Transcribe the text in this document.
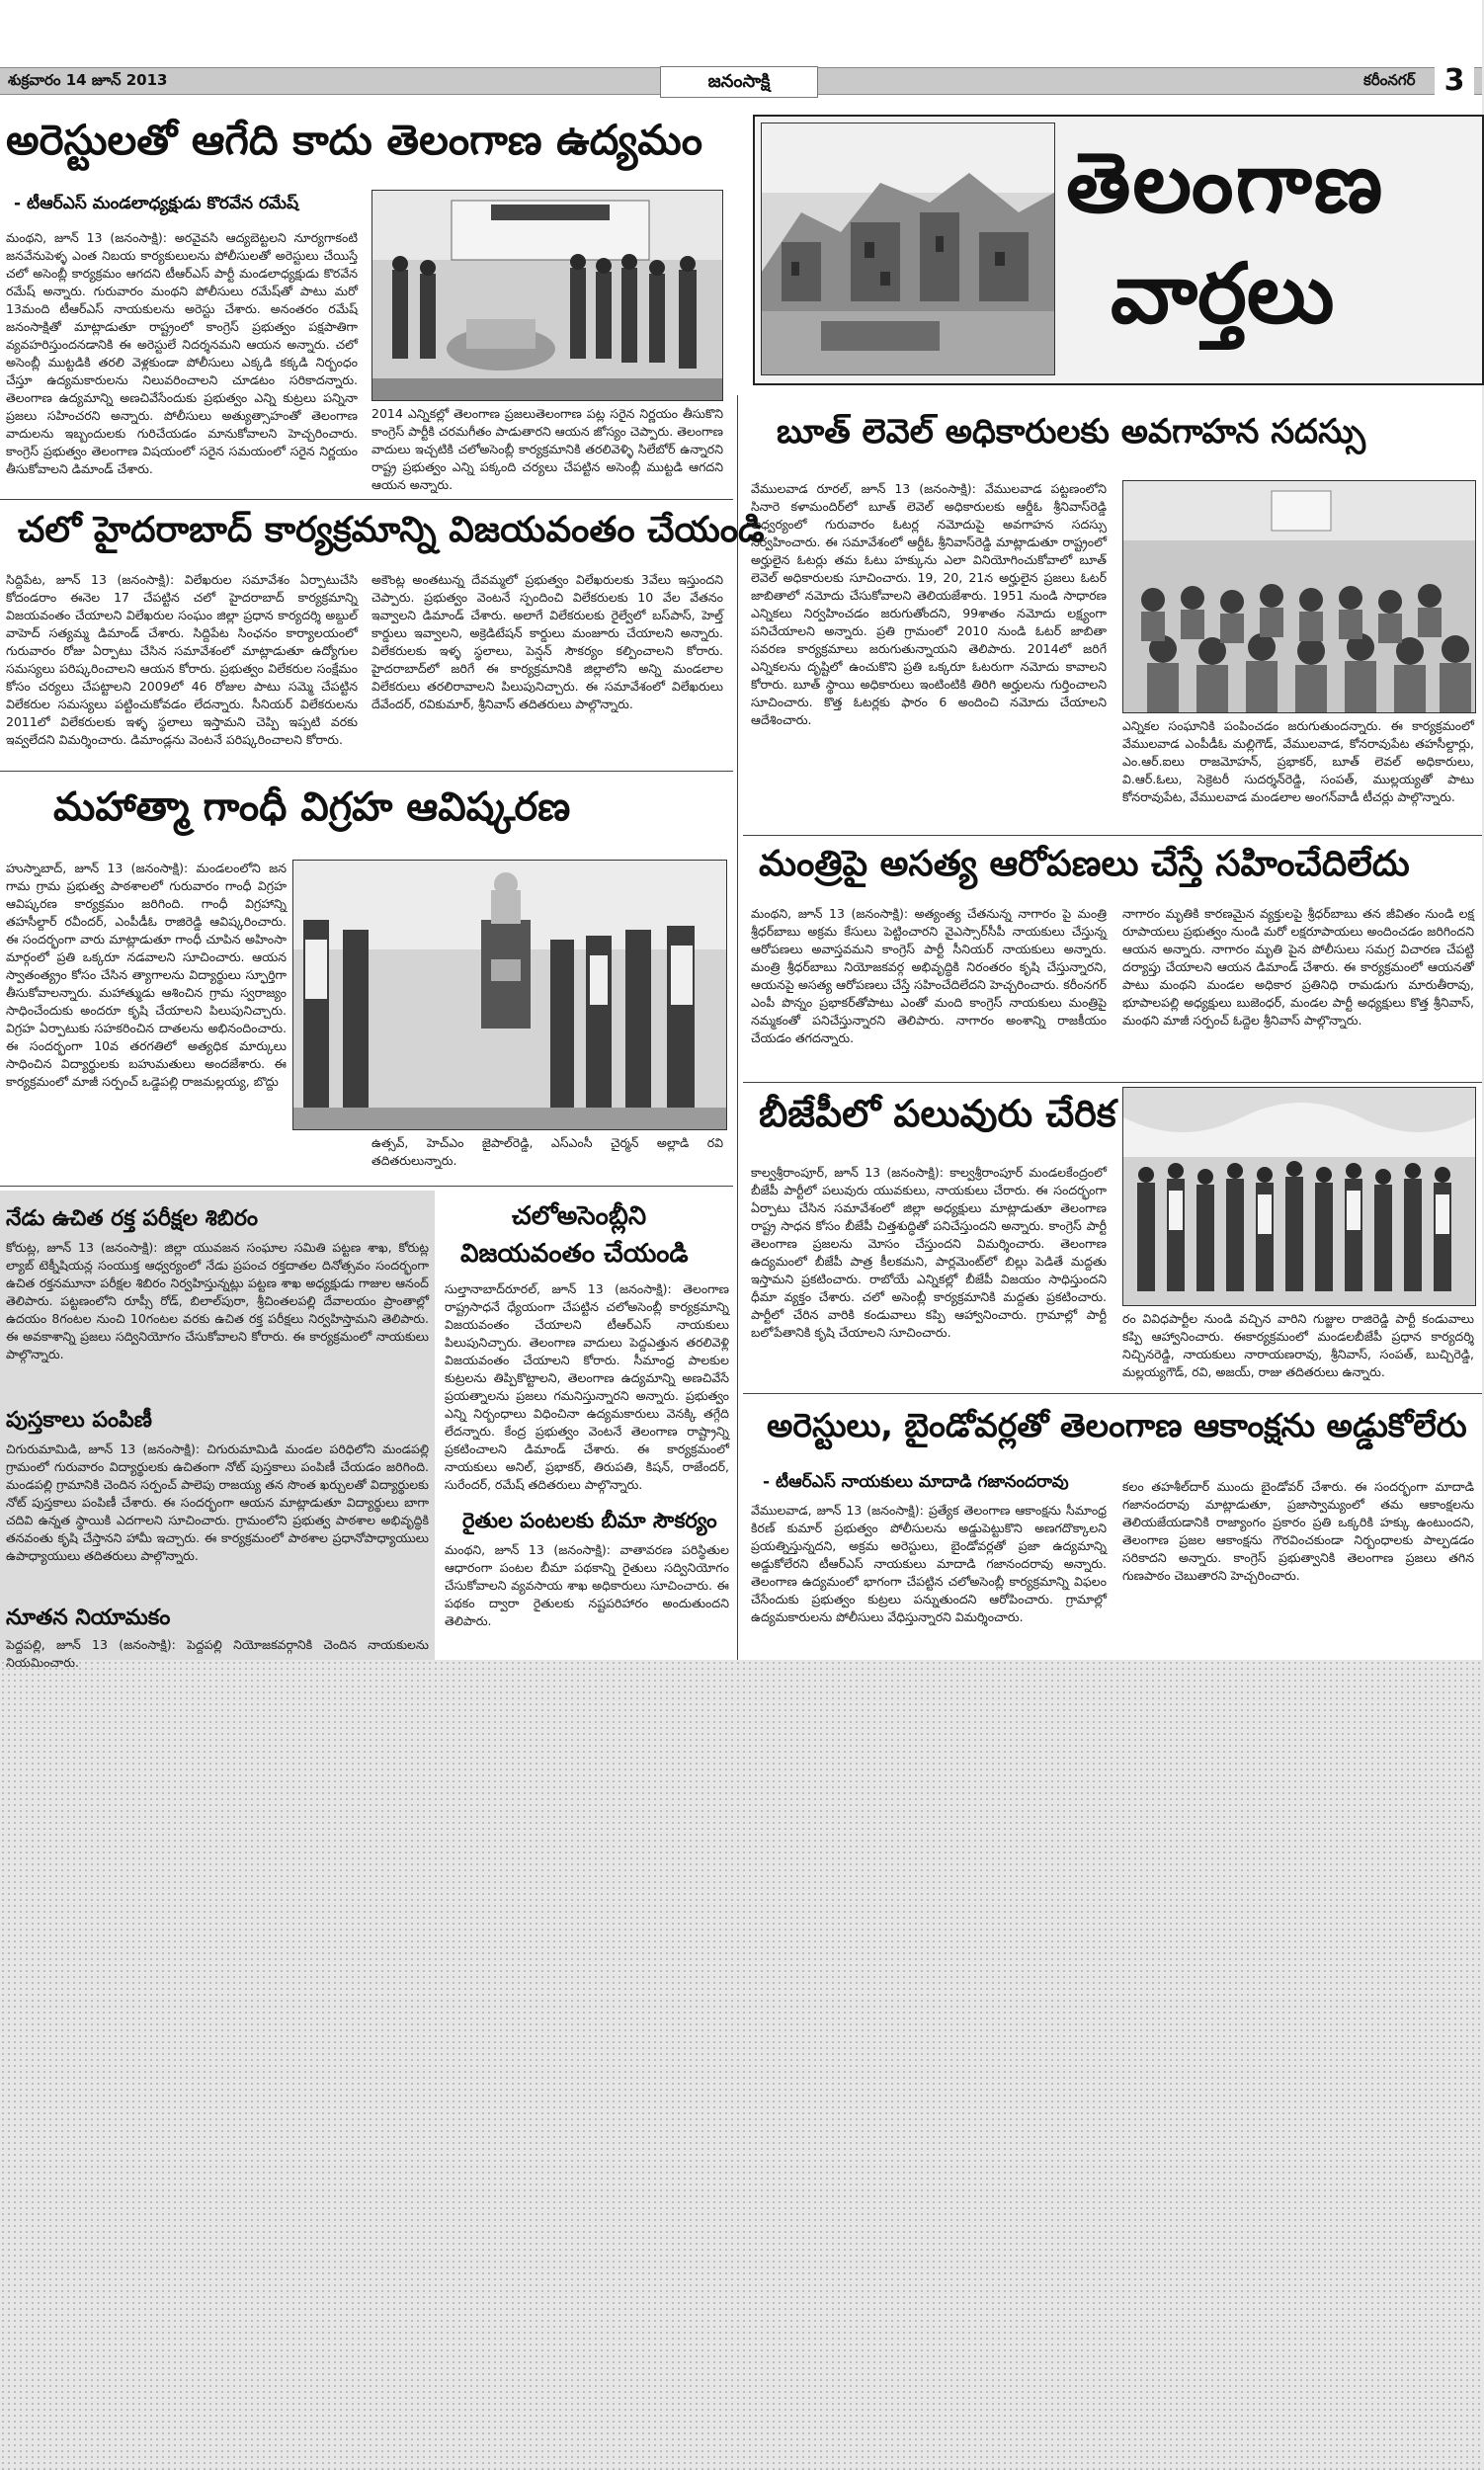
శుక్రవారం 14 జూన్ 2013	జనంసాక్షి	కరీంనగర్ 3
అరెస్టులతో ఆగేది కాదు తెలంగాణ ఉద్యమం
- టీఆర్‌ఎస్‌ మండలాధ్యక్షుడు కొరవేన రమేష్‌
మంథని, జూన్‌ 13 (జనంసాక్షి): అరవైవసి ఆద్యబెట్టలని నూర్యగాకంటి జనవేనుపెళ్ళ ఎంత నిబయ కార్యకులులను పోలీసులతో అరెస్టులు చేయిస్తే చలో అసెంబ్లీ కార్యక్రమం ఆగదని టీఆర్‌ఎస్‌ పార్టీ మండలాధ్యక్షుడు కొరవేన రమేష్‌ అన్నారు. గురువారం మంథని పోలీసులు రమేష్‌తో పాటు మరో 13మంది టీఆర్‌ఎస్‌ నాయకులను అరెస్టు చేశారు. అనంతరం రమేష్‌ జనంసాక్షితో మాట్లాడుతూ రాష్ట్రంలో కాంగ్రెస్‌ ప్రభుత్వం పక్షపాతిగా వ్యవహరిస్తుందనడానికి ఈ అరెస్టులే నిదర్శనమని ఆయన అన్నారు. చలో అసెంబ్లీ ముట్టడికి తరలి వెళ్లకుండా పోలీసులు ఎక్కడి కక్కడి నిర్బంధం చేస్తూ ఉద్యమకారులను నిలువరించాలని చూడటం సరికాదన్నారు. తెలంగాణ ఉద్యమాన్ని అణచివేసేందుకు ప్రభుత్వం ఎన్ని కుట్రలు పన్నినా ప్రజలు సహించరని అన్నారు. పోలీసులు అత్యుత్సాహంతో తెలంగాణ వాదులను ఇబ్బందులకు గురిచేయడం మానుకోవాలని హెచ్చరించారు. కాంగ్రెస్‌ ప్రభుత్వం తెలంగాణ విషయంలో సరైన సమయంలో సరైన నిర్ణయం తీసుకోవాలని డిమాండ్‌ చేశారు.
2014 ఎన్నికల్లో తెలంగాణ ప్రజలుతెలంగాణ పట్ల సరైన నిర్ణయం తీసుకొని కాంగ్రెస్‌ పార్టీకి చరమగీతం పాడుతారని ఆయన జోస్యం చెప్పారు. తెలంగాణ వాదులు ఇచ్చటికి చలోఅసెంబ్లీ కార్యక్రమానికి తరలివెళ్ళి సిలేబోర్ ఉన్నారని రాష్ట్ర ప్రభుత్వం ఎన్ని పక్కంది చర్యలు చేపట్టిన అసెంబ్లీ ముట్టడి ఆగదని ఆయన అన్నారు.
చలో హైదరాబాద్‌ కార్యక్రమాన్ని విజయవంతం చేయండి
సిద్దిపేట, జూన్‌ 13 (జనంసాక్షి): విలేఖరుల సమావేశం ఏర్పాటుచేసి కోదండరాం ఈనెల 17 చేపట్టిన చలో హైదరాబాద్‌ కార్యక్రమాన్ని విజయవంతం చేయాలని విలేఖరుల సంఘం జిల్లా ప్రధాన కార్యదర్శి అబ్దుల్‌ వాహెద్‌ సత్యమ్మ డిమాండ్‌ చేశారు. సిద్దిపేట సింఛనం కార్యాలయంలో గురువారం రోజు ఏర్పాటు చేసిన సమావేశంలో మాట్లాడుతూ ఉద్యోగుల సమస్యలు పరిష్కరించాలని ఆయన కోరారు. ప్రభుత్వం విలేకరుల సంక్షేమం కోసం చర్యలు చేపట్టాలని 2009లో 46 రోజుల పాటు సమ్మె చేపట్టిన విలేకరుల సమస్యలు పట్టించుకోవడం లేదన్నారు. సీనియర్‌ విలేకరులను 2011లో విలేకరులకు ఇళ్ళ స్థలాలు ఇస్తామని చెప్పి ఇప్పటి వరకు ఇవ్వలేదని విమర్శించారు. డిమాండ్లను వెంటనే పరిష్కరించాలని కోరారు.
అకౌంట్ల అంతటున్న దేవమ్మలో ప్రభుత్వం విలేఖరులకు 3వేలు ఇస్తుందని చెప్పారు. ప్రభుత్వం వెంటనే స్పందించి విలేకరులకు 10 వేల వేతనం ఇవ్వాలని డిమాండ్‌ చేశారు. అలాగే విలేకరులకు రైల్వేలో బస్‌పాస్‌, హెల్త్‌ కార్డులు ఇవ్వాలని, అక్రెడిటేషన్‌ కార్డులు మంజూరు చేయాలని అన్నారు. విలేకరులకు ఇళ్ళ స్థలాలు, పెన్షన్‌ సౌకర్యం కల్పించాలని కోరారు. హైదరాబాద్‌లో జరిగే ఈ కార్యక్రమానికి జిల్లాలోని అన్ని మండలాల విలేకరులు తరలిరావాలని పిలుపునిచ్చారు. ఈ సమావేశంలో విలేఖరులు దేవేందర్‌, రవికుమార్‌, శ్రీనివాస్‌ తదితరులు పాల్గొన్నారు.
మహాత్మా గాంధీ విగ్రహ ఆవిష్కరణ
హుస్నాబాద్‌, జూన్‌ 13 (జనంసాక్షి): మండలంలోని జన గామ గ్రామ ప్రభుత్వ పాఠశాలలో గురువారం గాంధీ విగ్రహ ఆవిష్కరణ కార్యక్రమం జరిగింది. గాంధీ విగ్రహాన్ని తహసీల్దార్‌ రవీందర్‌, ఎంపీడీఓ రాజిరెడ్డి ఆవిష్కరించారు. ఈ సందర్భంగా వారు మాట్లాడుతూ గాంధీ చూపిన అహింసా మార్గంలో ప్రతి ఒక్కరూ నడవాలని సూచించారు. ఆయన స్వాతంత్య్రం కోసం చేసిన త్యాగాలను విద్యార్థులు స్ఫూర్తిగా తీసుకోవాలన్నారు. మహాత్ముడు ఆశించిన గ్రామ స్వరాజ్యం సాధించేందుకు అందరూ కృషి చేయాలని పిలుపునిచ్చారు. విగ్రహ ఏర్పాటుకు సహకరించిన దాతలను అభినందించారు. ఈ సందర్భంగా 10వ తరగతిలో అత్యధిక మార్కులు సాధించిన విద్యార్థులకు బహుమతులు అందజేశారు. ఈ కార్యక్రమంలో మాజీ సర్పంచ్‌ ఒడ్డెపల్లి రాజమల్లయ్య, బొద్దు
ఉత్సవ్‌, హెచ్‌ఎం జైపాల్‌రెడ్డి, ఎస్‌ఎంసీ చైర్మన్‌ అల్లాడి రవి తదితరులున్నారు.
నేడు ఉచిత రక్త పరీక్షల శిబిరం
కోరుట్ల, జూన్‌ 13 (జనంసాక్షి): జిల్లా యువజన సంఘాల సమితి పట్టణ శాఖ, కోరుట్ల ల్యాబ్‌ టెక్నీషియన్ల సంయుక్త ఆధ్వర్యంలో నేడు ప్రపంచ రక్తదాతల దినోత్సవం సందర్భంగా ఉచిత రక్తనమూనా పరీక్షల శిబిరం నిర్వహిస్తున్నట్లు పట్టణ శాఖ అధ్యక్షుడు గాజుల ఆనంద్‌ తెలిపారు. పట్టణంలోని రూప్సీ రోడ్‌, బిలాల్‌పురా, శ్రీచింతలపల్లి దేవాలయం ప్రాంతాల్లో ఉదయం 8గంటల నుంచి 10గంటల వరకు ఉచిత రక్త పరీక్షలు నిర్వహిస్తామని తెలిపారు. ఈ అవకాశాన్ని ప్రజలు సద్వినియోగం చేసుకోవాలని కోరారు. ఈ కార్యక్రమంలో నాయకులు పాల్గొన్నారు.
పుస్తకాలు పంపిణీ
చిగురుమామిడి, జూన్‌ 13 (జనంసాక్షి): చిగురుమామిడి మండల పరిధిలోని మండపల్లి గ్రామంలో గురువారం విద్యార్థులకు ఉచితంగా నోట్‌ పుస్తకాలు పంపిణీ చేయడం జరిగింది. మండపల్లి గ్రామానికి చెందిన సర్పంచ్‌ పాలెపు రాజయ్య తన సొంత ఖర్చులతో విద్యార్థులకు నోట్‌ పుస్తకాలు పంపిణీ చేశారు. ఈ సందర్భంగా ఆయన మాట్లాడుతూ విద్యార్థులు బాగా చదివి ఉన్నత స్థాయికి ఎదగాలని సూచించారు. గ్రామంలోని ప్రభుత్వ పాఠశాల అభివృద్ధికి తనవంతు కృషి చేస్తానని హామీ ఇచ్చారు. ఈ కార్యక్రమంలో పాఠశాల ప్రధానోపాధ్యాయులు ఉపాధ్యాయులు తదితరులు పాల్గొన్నారు.
నూతన నియామకం
పెద్దపల్లి, జూన్‌ 13 (జనంసాక్షి): పెద్దపల్లి నియోజకవర్గానికి చెందిన నాయకులను నియమించారు.
చలోఅసెంబ్లీని
విజయవంతం చేయండి
సుల్తానాబాద్‌రూరల్‌, జూన్‌ 13 (జనంసాక్షి): తెలంగాణ రాష్ట్రసాధనే ధ్యేయంగా చేపట్టిన చలోఅసెంబ్లీ కార్యక్రమాన్ని విజయవంతం చేయాలని టీఆర్‌ఎస్‌ నాయకులు పిలుపునిచ్చారు. తెలంగాణ వాదులు పెద్దఎత్తున తరలివెళ్లి విజయవంతం చేయాలని కోరారు. సీమాంధ్ర పాలకుల కుట్రలను తిప్పికొట్టాలని, తెలంగాణ ఉద్యమాన్ని అణచివేసే ప్రయత్నాలను ప్రజలు గమనిస్తున్నారని అన్నారు. ప్రభుత్వం ఎన్ని నిర్బంధాలు విధించినా ఉద్యమకారులు వెనక్కి తగ్గేది లేదన్నారు. కేంద్ర ప్రభుత్వం వెంటనే తెలంగాణ రాష్ట్రాన్ని ప్రకటించాలని డిమాండ్‌ చేశారు. ఈ కార్యక్రమంలో నాయకులు అనిల్‌, ప్రభాకర్‌, తిరుపతి, కిషన్‌, రాజేందర్‌, సురేందర్‌, రమేష్‌ తదితరులు పాల్గొన్నారు.
రైతుల పంటలకు బీమా సౌకర్యం
మంథని, జూన్‌ 13 (జనంసాక్షి): వాతావరణ పరిస్థితుల ఆధారంగా పంటల బీమా పథకాన్ని రైతులు సద్వినియోగం చేసుకోవాలని వ్యవసాయ శాఖ అధికారులు సూచించారు. ఈ పథకం ద్వారా రైతులకు నష్టపరిహారం అందుతుందని తెలిపారు.
తెలంగాణ
వార్తలు
బూత్‌ లెవెల్‌ అధికారులకు అవగాహన సదస్సు
వేములవాడ రూరల్‌, జూన్‌ 13 (జనంసాక్షి): వేములవాడ పట్టణంలోని సినారె కళామందిర్‌లో బూత్‌ లెవెల్‌ అధికారులకు ఆర్డీఓ శ్రీనివాస్‌రెడ్డి ఆధ్వర్యంలో గురువారం ఓటర్ల నమోదుపై అవగాహన సదస్సు నిర్వహించారు. ఈ సమావేశంలో ఆర్డీఓ శ్రీనివాస్‌రెడ్డి మాట్లాడుతూ రాష్ట్రంలో అర్హులైన ఓటర్లు తమ ఓటు హక్కును ఎలా వినియోగించుకోవాలో బూత్‌ లెవెల్‌ అధికారులకు సూచించారు. 19, 20, 21న అర్హులైన ప్రజలు ఓటర్‌ జాబితాలో నమోదు చేసుకోవాలని తెలియజేశారు. 1951 నుండి సాధారణ ఎన్నికలు నిర్వహించడం జరుగుతోందని, 99శాతం నమోదు లక్ష్యంగా పనిచేయాలని అన్నారు. ప్రతి గ్రామంలో 2010 నుండి ఓటర్‌ జాబితా సవరణ కార్యక్రమాలు జరుగుతున్నాయని తెలిపారు. 2014లో జరిగే ఎన్నికలను దృష్టిలో ఉంచుకొని ప్రతి ఒక్కరూ ఓటరుగా నమోదు కావాలని కోరారు. బూత్‌ స్థాయి అధికారులు ఇంటింటికి తిరిగి అర్హులను గుర్తించాలని సూచించారు. కొత్త ఓటర్లకు ఫారం 6 అందించి నమోదు చేయాలని ఆదేశించారు.	ఎన్నికల సంఘానికి పంపించడం జరుగుతుందన్నారు. ఈ కార్యక్రమంలో వేములవాడ ఎంపీడీఓ మల్లిగౌడ్‌, వేములవాడ, కోనరావుపేట తహసీల్దార్లు, ఎం.ఆర్‌.ఐలు రాజమోహన్‌, ప్రభాకర్‌, బూత్‌ లెవల్‌ అధికారులు, వి.ఆర్‌.ఓలు, సెక్రెటరీ సుదర్శన్‌రెడ్డి, సంపత్‌, ముల్లయ్యతో పాటు కోనరావుపేట, వేములవాడ మండలాల అంగన్‌వాడీ టీచర్లు పాల్గొన్నారు.
మంత్రిపై అసత్య ఆరోపణలు చేస్తే సహించేదిలేదు
మంథని, జూన్‌ 13 (జనంసాక్షి): అత్యంత్య చేతనున్న నాగారం పై మంత్రి శ్రీధర్‌బాబు అక్రమ కేసులు పెట్టించారని వైఎస్సార్‌సీపీ నాయకులు చేస్తున్న ఆరోపణలు అవాస్తవమని కాంగ్రెస్‌ పార్టీ సీనియర్‌ నాయకులు అన్నారు. మంత్రి శ్రీధర్‌బాబు నియోజకవర్గ అభివృద్ధికి నిరంతరం కృషి చేస్తున్నారని, ఆయనపై అసత్య ఆరోపణలు చేస్తే సహించేదిలేదని హెచ్చరించారు. కరీంనగర్‌ ఎంపీ పొన్నం ప్రభాకర్‌తోపాటు ఎంతో మంది కాంగ్రెస్‌ నాయకులు మంత్రిపై నమ్మకంతో పనిచేస్తున్నారని తెలిపారు. నాగారం అంశాన్ని రాజకీయం చేయడం తగదన్నారు.
నాగారం మృతికి కారణమైన వ్యక్తులపై శ్రీధర్‌బాబు తన జీవితం నుండి లక్ష రూపాయలు ప్రభుత్వం నుండి మరో లక్షరూపాయలు అందించడం జరిగిందని ఆయన అన్నారు. నాగారం మృతి పైన పోలీసులు సమగ్ర విచారణ చేపట్టి దర్యాప్తు చేయాలని ఆయన డిమాండ్‌ చేశారు. ఈ కార్యక్రమంలో ఆయనతో పాటు మంథని మండల అధికార ప్రతినిధి రామడుగు మారుతీరావు, భూపాలపల్లి అధ్యక్షులు బుజెంధర్‌, మండల పార్టీ అధ్యక్షులు కొత్త శ్రీనివాస్‌, మంథని మాజీ సర్పంచ్‌ ఓద్దెల శ్రీనివాస్‌ పాల్గొన్నారు.
బీజేపీలో పలువురు చేరిక
కాల్వశ్రీరాంపూర్‌, జూన్‌ 13 (జనంసాక్షి): కాల్వశ్రీరాంపూర్‌ మండలకేంద్రంలో బీజేపీ పార్టీలో పలువురు యువకులు, నాయకులు చేరారు. ఈ సందర్భంగా ఏర్పాటు చేసిన సమావేశంలో జిల్లా అధ్యక్షులు మాట్లాడుతూ తెలంగాణ రాష్ట్ర సాధన కోసం బీజేపీ చిత్తశుద్ధితో పనిచేస్తుందని అన్నారు. కాంగ్రెస్‌ పార్టీ తెలంగాణ ప్రజలను మోసం చేస్తుందని విమర్శించారు. తెలంగాణ ఉద్యమంలో బీజేపీ పాత్ర కీలకమని, పార్లమెంట్‌లో బిల్లు పెడితే మద్దతు ఇస్తామని ప్రకటించారు. రాబోయే ఎన్నికల్లో బీజేపీ విజయం సాధిస్తుందని ధీమా వ్యక్తం చేశారు. చలో అసెంబ్లీ కార్యక్రమానికి మద్దతు ప్రకటించారు. పార్టీలో చేరిన వారికి కండువాలు కప్పి ఆహ్వానించారు. గ్రామాల్లో పార్టీ బలోపేతానికి కృషి చేయాలని సూచించారు.
రం వివిధపార్టీల నుండి వచ్చిన వారిని గుజ్జుల రాజిరెడ్డి పార్టీ కండువాలు కప్పి ఆహ్వానించారు. ఈకార్యక్రమంలో మండలబీజేపీ ప్రధాన కార్యదర్శి నిచ్చినరెడ్డి, నాయకులు నారాయణరావు, శ్రీనివాస్‌, సంపత్‌, బుచ్చిరెడ్డి, మల్లయ్యగౌడ్‌, రవి, అజయ్‌, రాజు తదితరులు ఉన్నారు.
అరెస్టులు, బైండోవర్లతో తెలంగాణ ఆకాంక్షను అడ్డుకోలేరు
- టీఆర్‌ఎస్‌ నాయకులు మాదాడి గజానందరావు
వేములవాడ, జూన్‌ 13 (జనంసాక్షి): ప్రత్యేక తెలంగాణ ఆకాంక్షను సీమాంధ్ర కిరణ్‌ కుమార్‌ ప్రభుత్వం పోలీసులను అడ్డుపెట్టుకొని అణగదొక్కాలని ప్రయత్నిస్తున్నదని, అక్రమ అరెస్టులు, బైండోవర్లతో ప్రజా ఉద్యమాన్ని అడ్డుకోలేరని టీఆర్‌ఎస్‌ నాయకులు మాదాడి గజానందరావు అన్నారు. తెలంగాణ ఉద్యమంలో భాగంగా చేపట్టిన చలోఅసెంబ్లీ కార్యక్రమాన్ని విఫలం చేసేందుకు ప్రభుత్వం కుట్రలు పన్నుతుందని ఆరోపించారు. గ్రామాల్లో ఉద్యమకారులను పోలీసులు వేధిస్తున్నారని విమర్శించారు.
కలం తహశీల్‌దార్‌ ముందు బైండోవర్‌ చేశారు. ఈ సందర్భంగా మాదాడి గజానందరావు మాట్లాడుతూ, ప్రజాస్వామ్యంలో తమ ఆకాంక్షలను తెలియజేయడానికి రాజ్యాంగం ప్రకారం ప్రతి ఒక్కరికి హక్కు ఉంటుందని, తెలంగాణ ప్రజల ఆకాంక్షను గౌరవించకుండా నిర్బంధాలకు పాల్పడడం సరికాదని అన్నారు. కాంగ్రెస్‌ ప్రభుత్వానికి తెలంగాణ ప్రజలు తగిన గుణపాఠం చెబుతారని హెచ్చరించారు.
